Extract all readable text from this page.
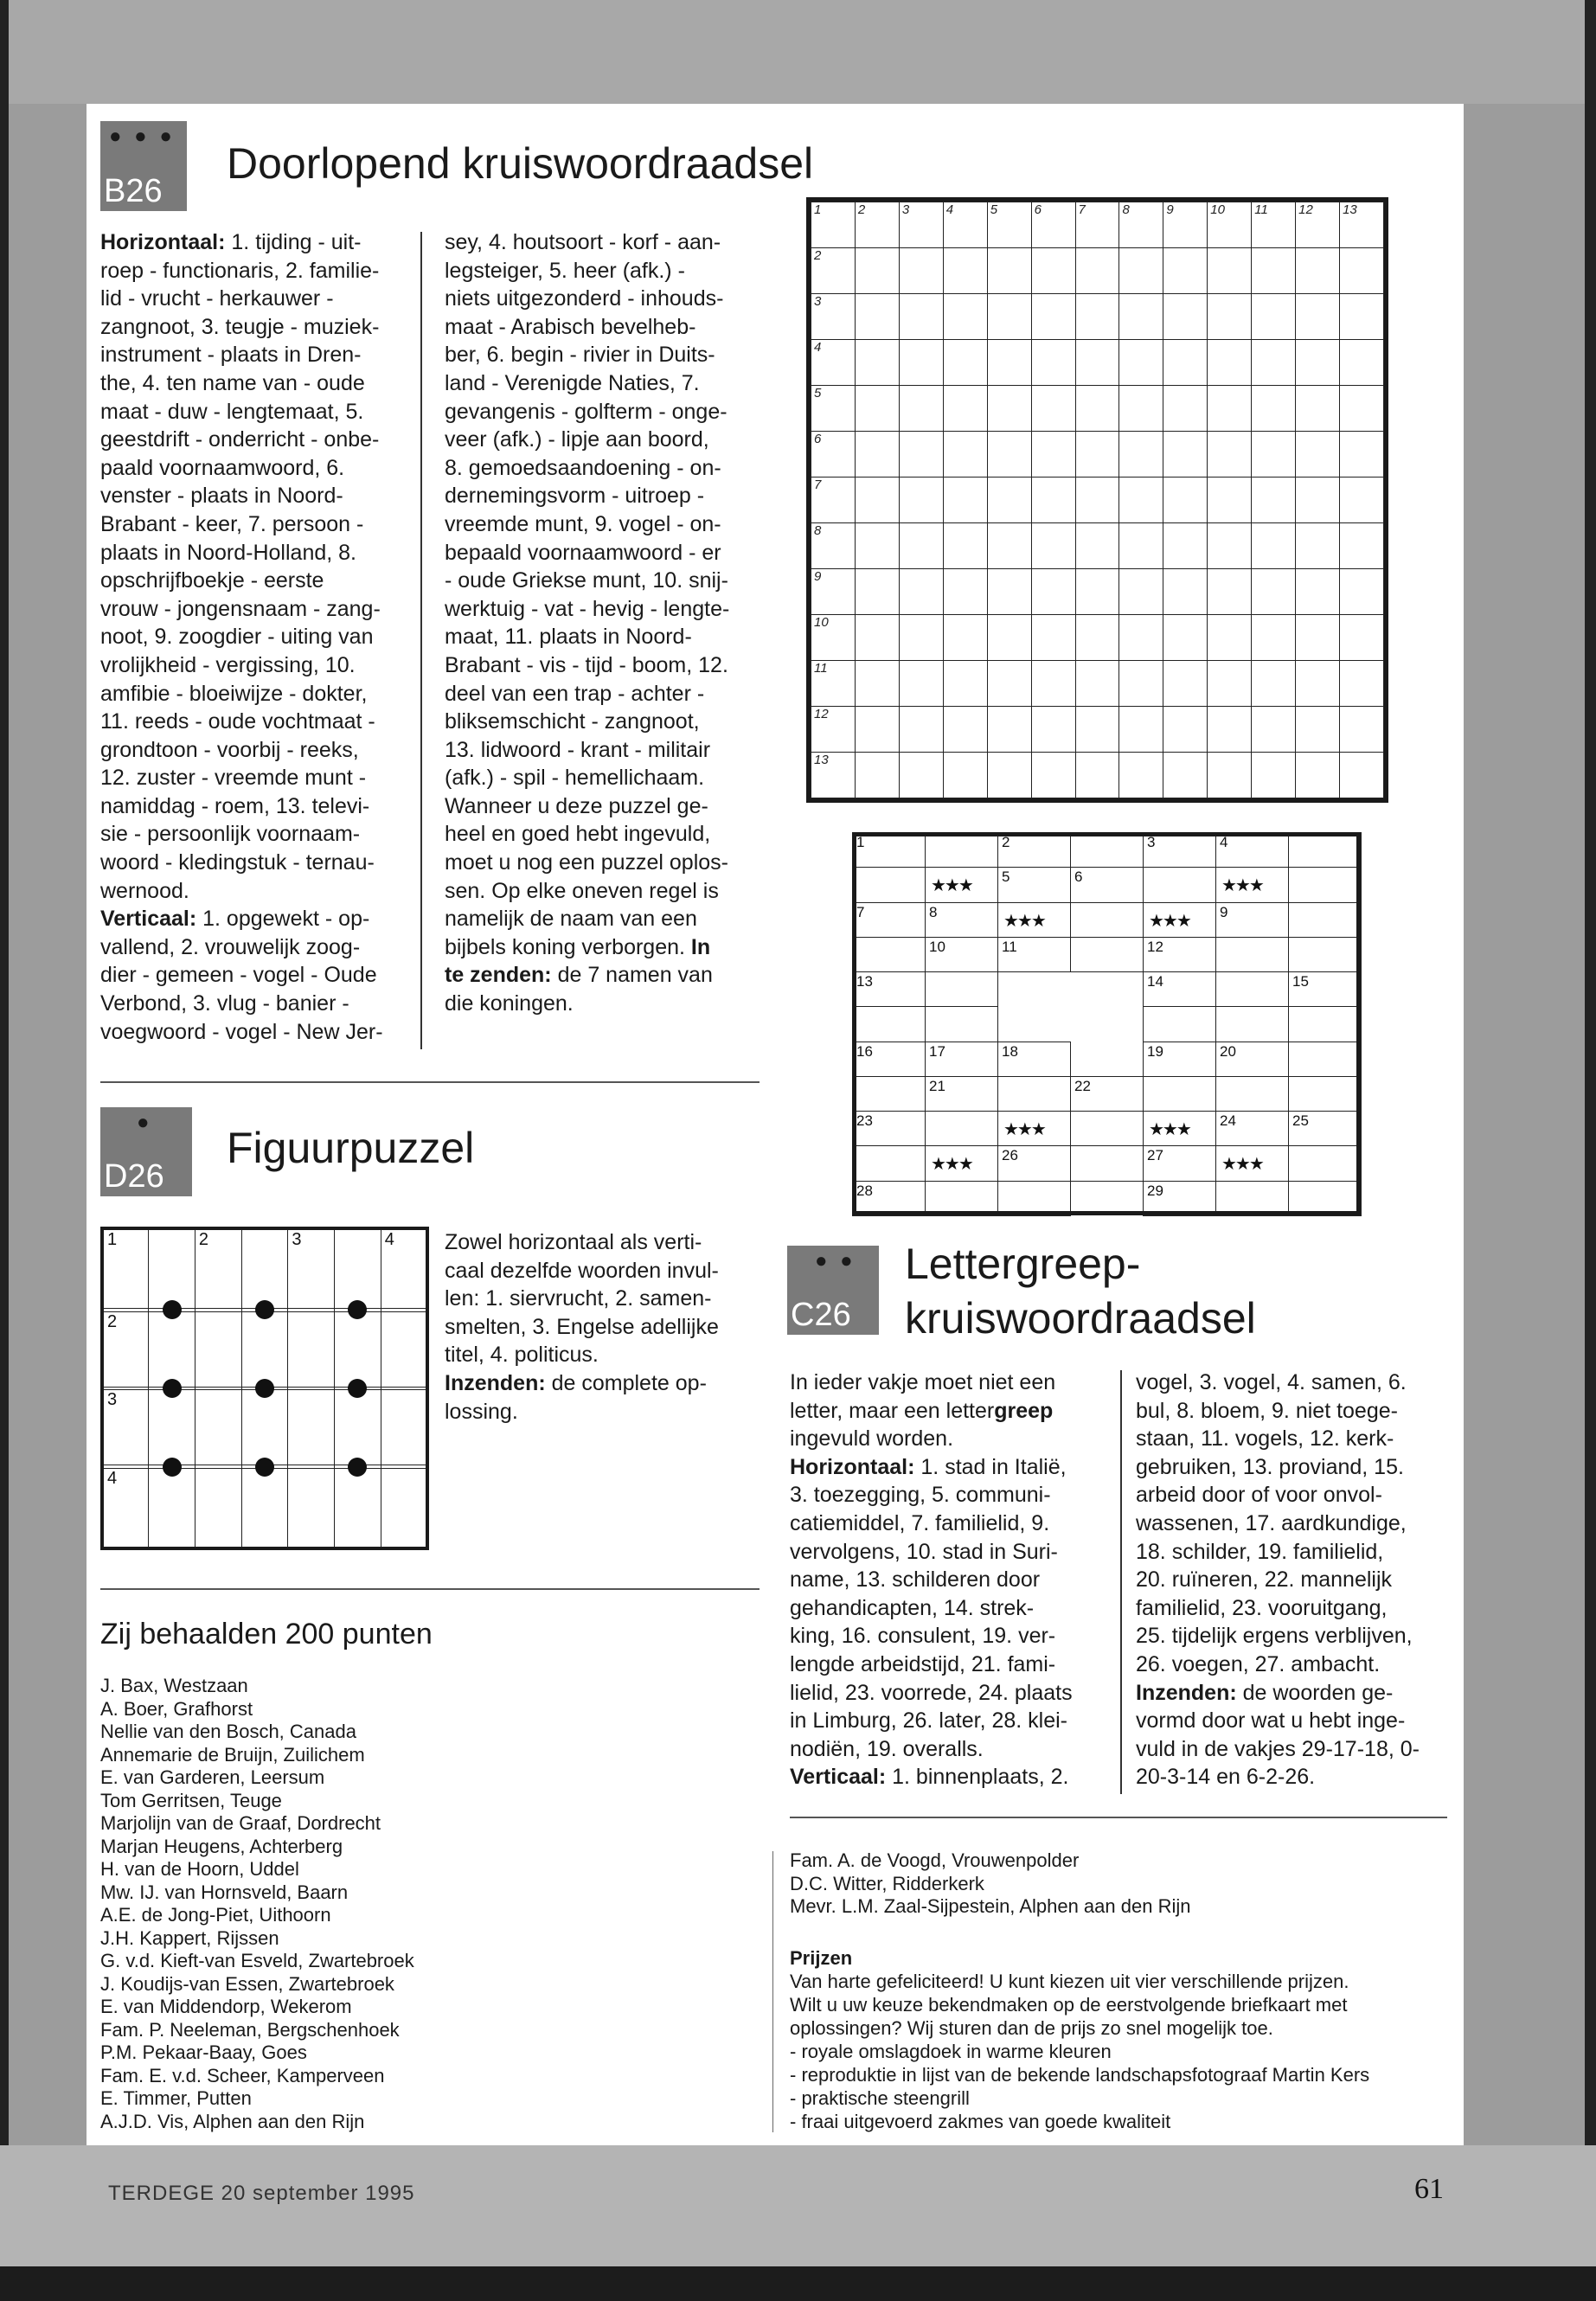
● ● ●
B26
Doorlopend kruiswoordraadsel
Horizontaal: 1. tijding - uit-
roep - functionaris, 2. familie-
lid - vrucht - herkauwer -
zangnoot, 3. teugje - muziek-
instrument - plaats in Dren-
the, 4. ten name van - oude
maat - duw - lengtemaat, 5.
geestdrift - onderricht - onbe-
paald voornaamwoord, 6.
venster - plaats in Noord-
Brabant - keer, 7. persoon -
plaats in Noord-Holland, 8.
opschrijfboekje - eerste
vrouw - jongensnaam - zang-
noot, 9. zoogdier - uiting van
vrolijkheid - vergissing, 10.
amfibie - bloeiwijze - dokter,
11. reeds - oude vochtmaat -
grondtoon - voorbij - reeks,
12. zuster - vreemde munt -
namiddag - roem, 13. televi-
sie - persoonlijk voornaam-
woord - kledingstuk - ternau-
wernood.
Verticaal: 1. opgewekt - op-
vallend, 2. vrouwelijk zoog-
dier - gemeen - vogel - Oude
Verbond, 3. vlug - banier -
voegwoord - vogel - New Jer-
sey, 4. houtsoort - korf - aan-
legsteiger, 5. heer (afk.) -
niets uitgezonderd - inhouds-
maat - Arabisch bevelheb-
ber, 6. begin - rivier in Duits-
land - Verenigde Naties, 7.
gevangenis - golfterm - onge-
veer (afk.) - lipje aan boord,
8. gemoedsaandoening - on-
dernemingsvorm - uitroep -
vreemde munt, 9. vogel - on-
bepaald voornaamwoord - er
- oude Griekse munt, 10. snij-
werktuig - vat - hevig - lengte-
maat, 11. plaats in Noord-
Brabant - vis - tijd - boom, 12.
deel van een trap - achter -
bliksemschicht - zangnoot,
13. lidwoord - krant - militair
(afk.) - spil - hemellichaam.
Wanneer u deze puzzel ge-
heel en goed hebt ingevuld,
moet u nog een puzzel oplos-
sen. Op elke oneven regel is
namelijk de naam van een
bijbels koning verborgen. In
te zenden: de 7 namen van
die koningen.
1	2	3	4	5	6	7	8	9	10	11	12	13
2												
3												
4												
5												
6												
7												
8												
9												
10												
11												
12												
13												
1	2	3	4
★★★ 5	6	★★★
7	8	★★★	★★★ 9
10	11	12
13	14	15
16	17	18	19	20
21	22
23	★★★	★★★ 24	25
★★★ 26	27	★★★
28	29
●
D26
Figuurpuzzel
1		2		3		4

2						

3						

4						
Zowel horizontaal als verti-
caal dezelfde woorden invul-
len: 1. siervrucht, 2. samen-
smelten, 3. Engelse adellijke
titel, 4. politicus.
Inzenden: de complete op-
lossing.
Zij behaalden 200 punten
J. Bax, Westzaan
A. Boer, Grafhorst
Nellie van den Bosch, Canada
Annemarie de Bruijn, Zuilichem
E. van Garderen, Leersum
Tom Gerritsen, Teuge
Marjolijn van de Graaf, Dordrecht
Marjan Heugens, Achterberg
H. van de Hoorn, Uddel
Mw. IJ. van Hornsveld, Baarn
A.E. de Jong-Piet, Uithoorn
J.H. Kappert, Rijssen
G. v.d. Kieft-van Esveld, Zwartebroek
J. Koudijs-van Essen, Zwartebroek
E. van Middendorp, Wekerom
Fam. P. Neeleman, Bergschenhoek
P.M. Pekaar-Baay, Goes
Fam. E. v.d. Scheer, Kamperveen
E. Timmer, Putten
A.J.D. Vis, Alphen aan den Rijn
● ●
C26
Lettergreep-
kruiswoordraadsel
In ieder vakje moet niet een
letter, maar een lettergreep
ingevuld worden.
Horizontaal: 1. stad in Italië,
3. toezegging, 5. communi-
catiemiddel, 7. familielid, 9.
vervolgens, 10. stad in Suri-
name, 13. schilderen door
gehandicapten, 14. strek-
king, 16. consulent, 19. ver-
lengde arbeidstijd, 21. fami-
lielid, 23. voorrede, 24. plaats
in Limburg, 26. later, 28. klei-
nodiën, 19. overalls.
Verticaal: 1. binnenplaats, 2.
vogel, 3. vogel, 4. samen, 6.
bul, 8. bloem, 9. niet toege-
staan, 11. vogels, 12. kerk-
gebruiken, 13. proviand, 15.
arbeid door of voor onvol-
wassenen, 17. aardkundige,
18. schilder, 19. familielid,
20. ruïneren, 22. mannelijk
familielid, 23. vooruitgang,
25. tijdelijk ergens verblijven,
26. voegen, 27. ambacht.
Inzenden: de woorden ge-
vormd door wat u hebt inge-
vuld in de vakjes 29-17-18, 0-
20-3-14 en 6-2-26.
Fam. A. de Voogd, Vrouwenpolder
D.C. Witter, Ridderkerk
Mevr. L.M. Zaal-Sijpestein, Alphen aan den Rijn
Prijzen
Van harte gefeliciteerd! U kunt kiezen uit vier verschillende prijzen.
Wilt u uw keuze bekendmaken op de eerstvolgende briefkaart met
oplossingen? Wij sturen dan de prijs zo snel mogelijk toe.
- royale omslagdoek in warme kleuren
- reproduktie in lijst van de bekende landschapsfotograaf Martin Kers
- praktische steengrill
- fraai uitgevoerd zakmes van goede kwaliteit
TERDEGE 20 september 1995	61
